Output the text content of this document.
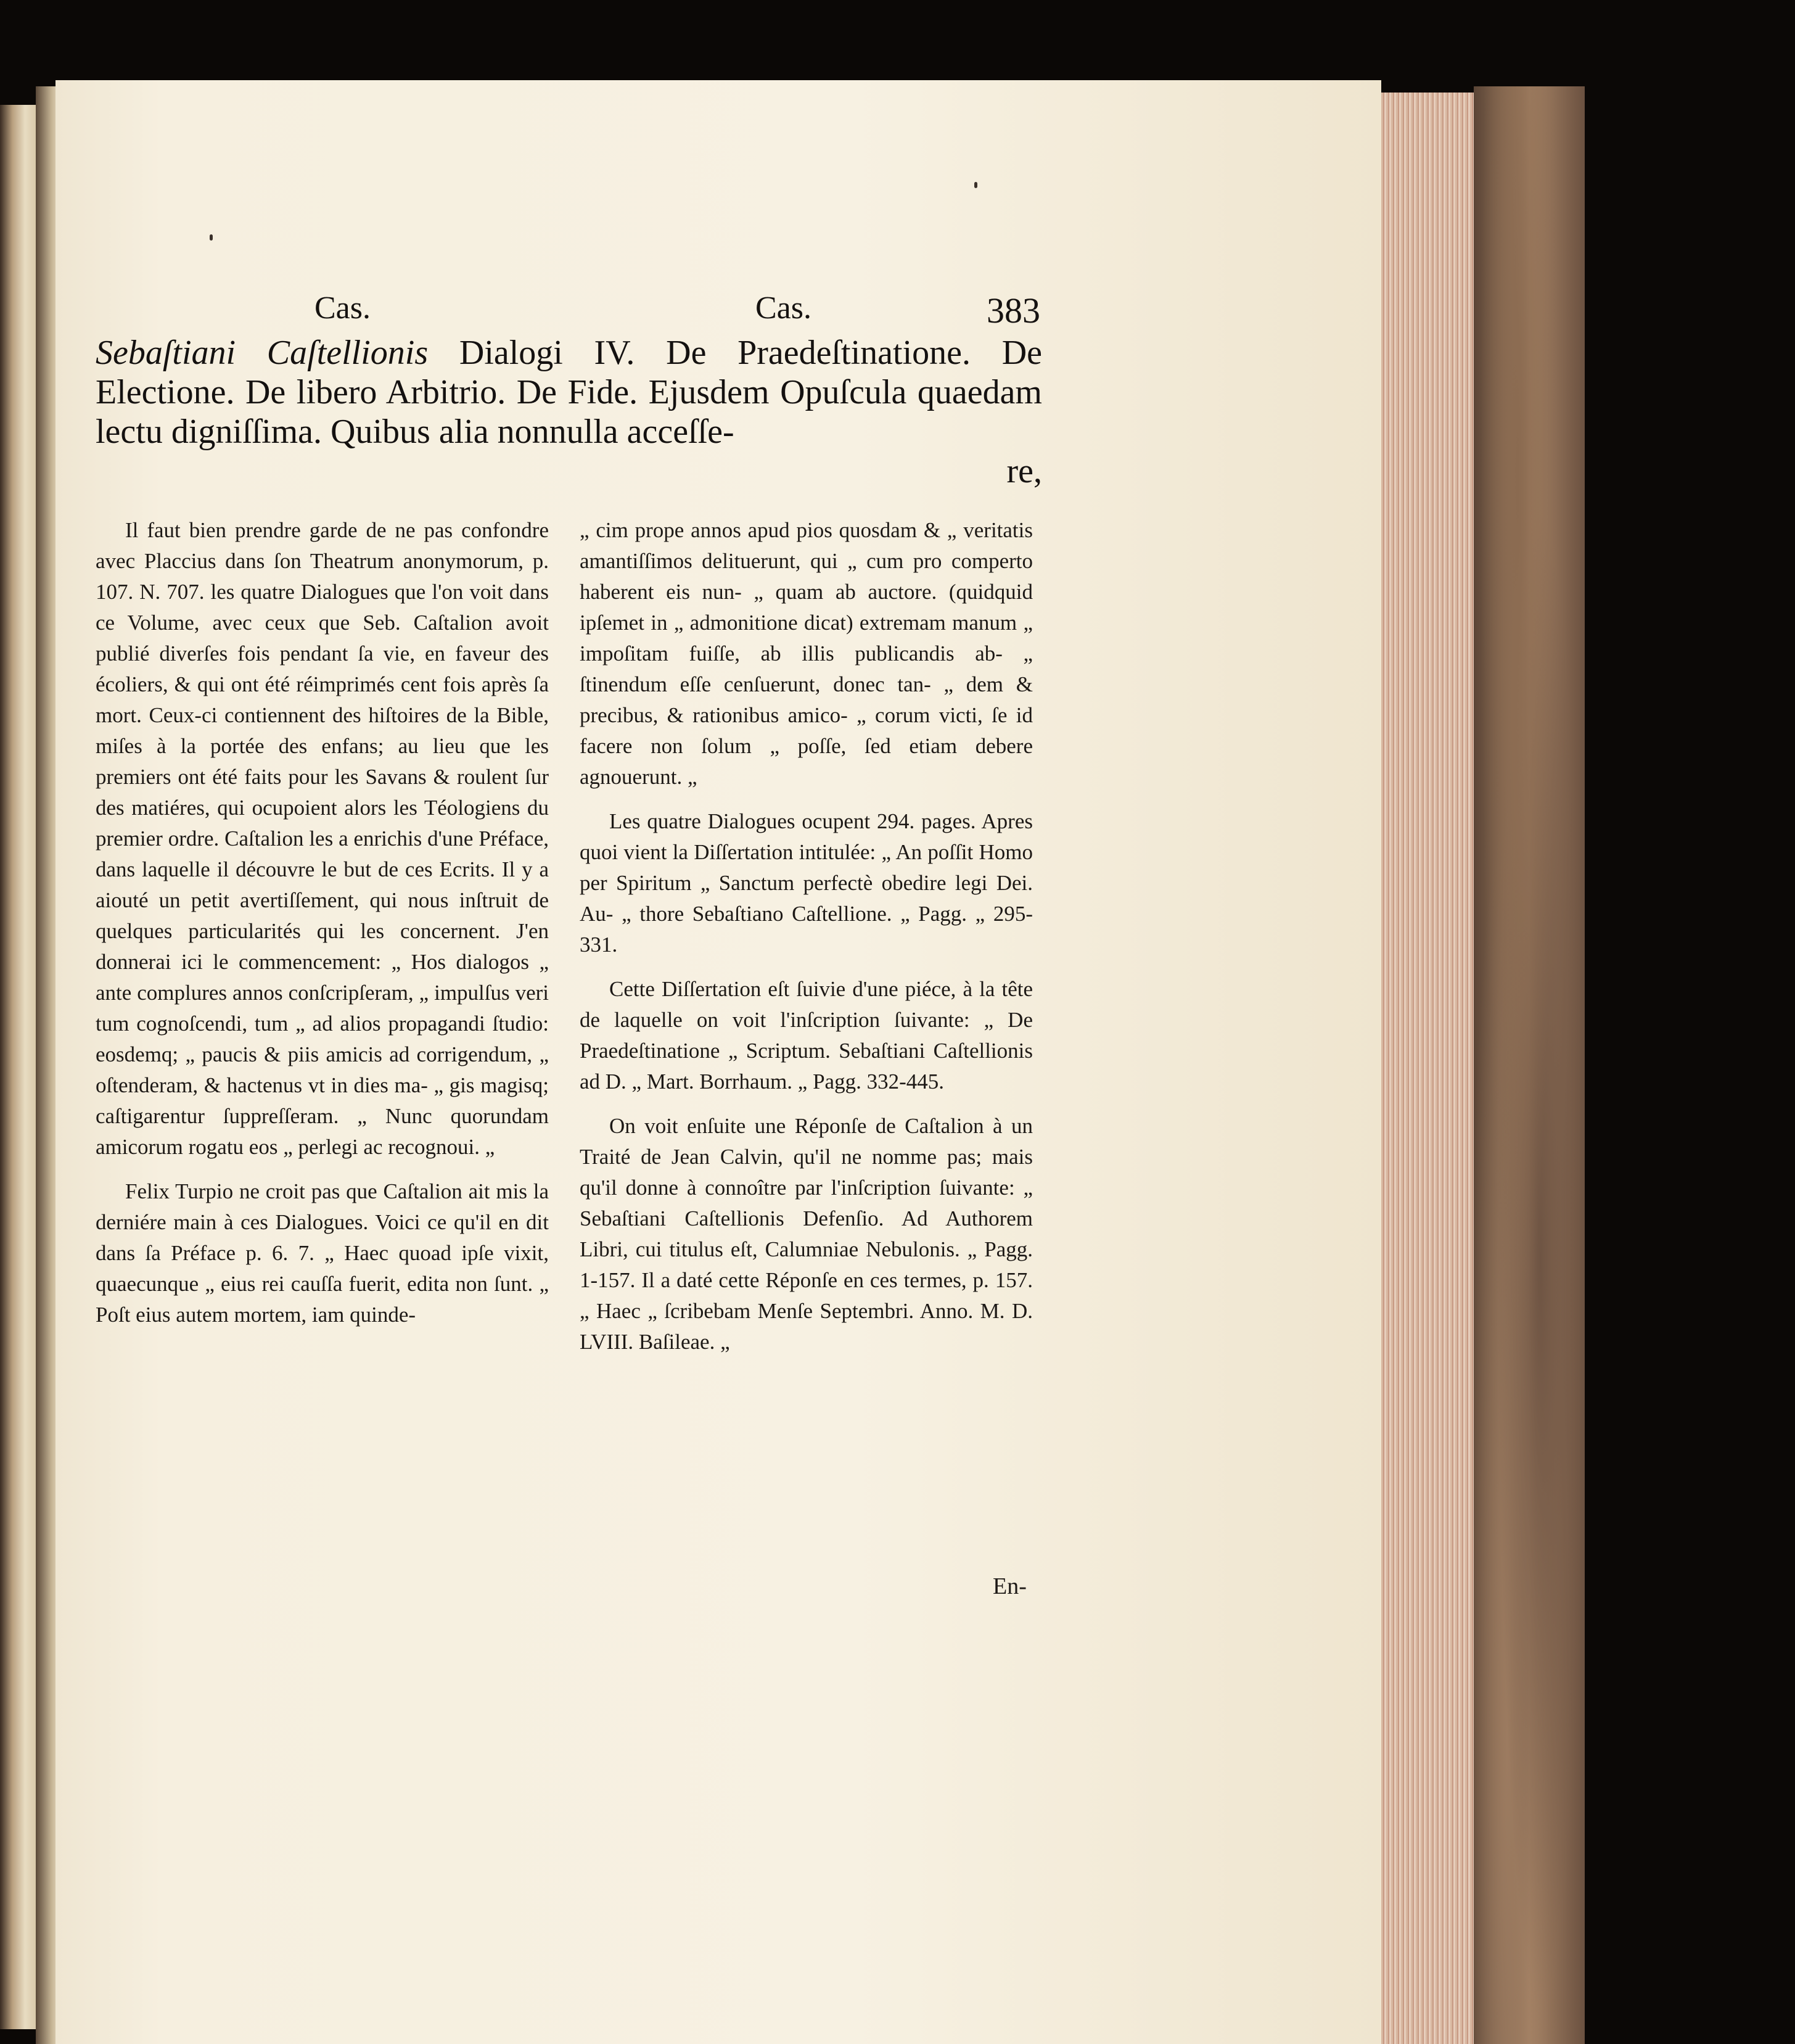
Cas.	Cas.	383
Sebaſtiani Caſtellionis Dialogi IV. De Praedeſtinatione. De Electione. De libero Arbitrio. De Fide. Ejusdem Opuſcula quaedam lectu digniſſima. Quibus alia nonnulla acceſſe-
re,

Il faut bien prendre garde de ne pas confondre avec Placcius dans ſon Theatrum anonymorum, p. 107. N. 707. les quatre Dialogues que l'on voit dans ce Volume, avec ceux que Seb. Caſtalion avoit publié diverſes fois pendant ſa vie, en faveur des écoliers, & qui ont été réimprimés cent fois après ſa mort. Ceux-ci contiennent des hiſtoires de la Bible, miſes à la portée des enfans; au lieu que les premiers ont été faits pour les Savans & roulent ſur des matiéres, qui ocupoient alors les Téologiens du premier ordre. Caſtalion les a enrichis d'une Préface, dans laquelle il découvre le but de ces Ecrits. Il y a aiouté un petit avertiſſement, qui nous inſtruit de quelques particularités qui les concernent. J'en donnerai ici le commencement: „ Hos dialogos „ ante complures annos conſcripſeram, „ impulſus veri tum cognoſcendi, tum „ ad alios propagandi ſtudio: eosdemq; „ paucis & piis amicis ad corrigendum, „ oſtenderam, & hactenus vt in dies ma- „ gis magisq; caſtigarentur ſuppreſſeram. „ Nunc quorundam amicorum rogatu eos „ perlegi ac recognoui. „

Felix Turpio ne croit pas que Caſtalion ait mis la derniére main à ces Dialogues. Voici ce qu'il en dit dans ſa Préface p. 6. 7. „ Haec quoad ipſe vixit, quaecunque „ eius rei cauſſa fuerit, edita non ſunt. „ Poſt eius autem mortem, iam quinde-

„ cim prope annos apud pios quosdam & „ veritatis amantiſſimos delituerunt, qui „ cum pro comperto haberent eis nun- „ quam ab auctore. (quidquid ipſemet in „ admonitione dicat) extremam manum „ impoſitam fuiſſe, ab illis publicandis ab- „ ſtinendum eſſe cenſuerunt, donec tan- „ dem & precibus, & rationibus amico- „ corum victi, ſe id facere non ſolum „ poſſe, ſed etiam debere agnouerunt. „

Les quatre Dialogues ocupent 294. pages. Apres quoi vient la Diſſertation intitulée: „ An poſſit Homo per Spiritum „ Sanctum perfectè obedire legi Dei. Au- „ thore Sebaſtiano Caſtellione. „ Pagg. „ 295-331.

Cette Diſſertation eſt ſuivie d'une piéce, à la tête de laquelle on voit l'inſcription ſuivante: „ De Praedeſtinatione „ Scriptum. Sebaſtiani Caſtellionis ad D. „ Mart. Borrhaum. „ Pagg. 332-445.

On voit enſuite une Réponſe de Caſtalion à un Traité de Jean Calvin, qu'il ne nomme pas; mais qu'il donne à connoître par l'inſcription ſuivante: „ Sebaſtiani Caſtellionis Defenſio. Ad Authorem Libri, cui titulus eſt, Calumniae Nebulonis. „ Pagg. 1-157. Il a daté cette Réponſe en ces termes, p. 157. „ Haec „ ſcribebam Menſe Septembri. Anno. M. D. LVIII. Baſileae. „

En-
